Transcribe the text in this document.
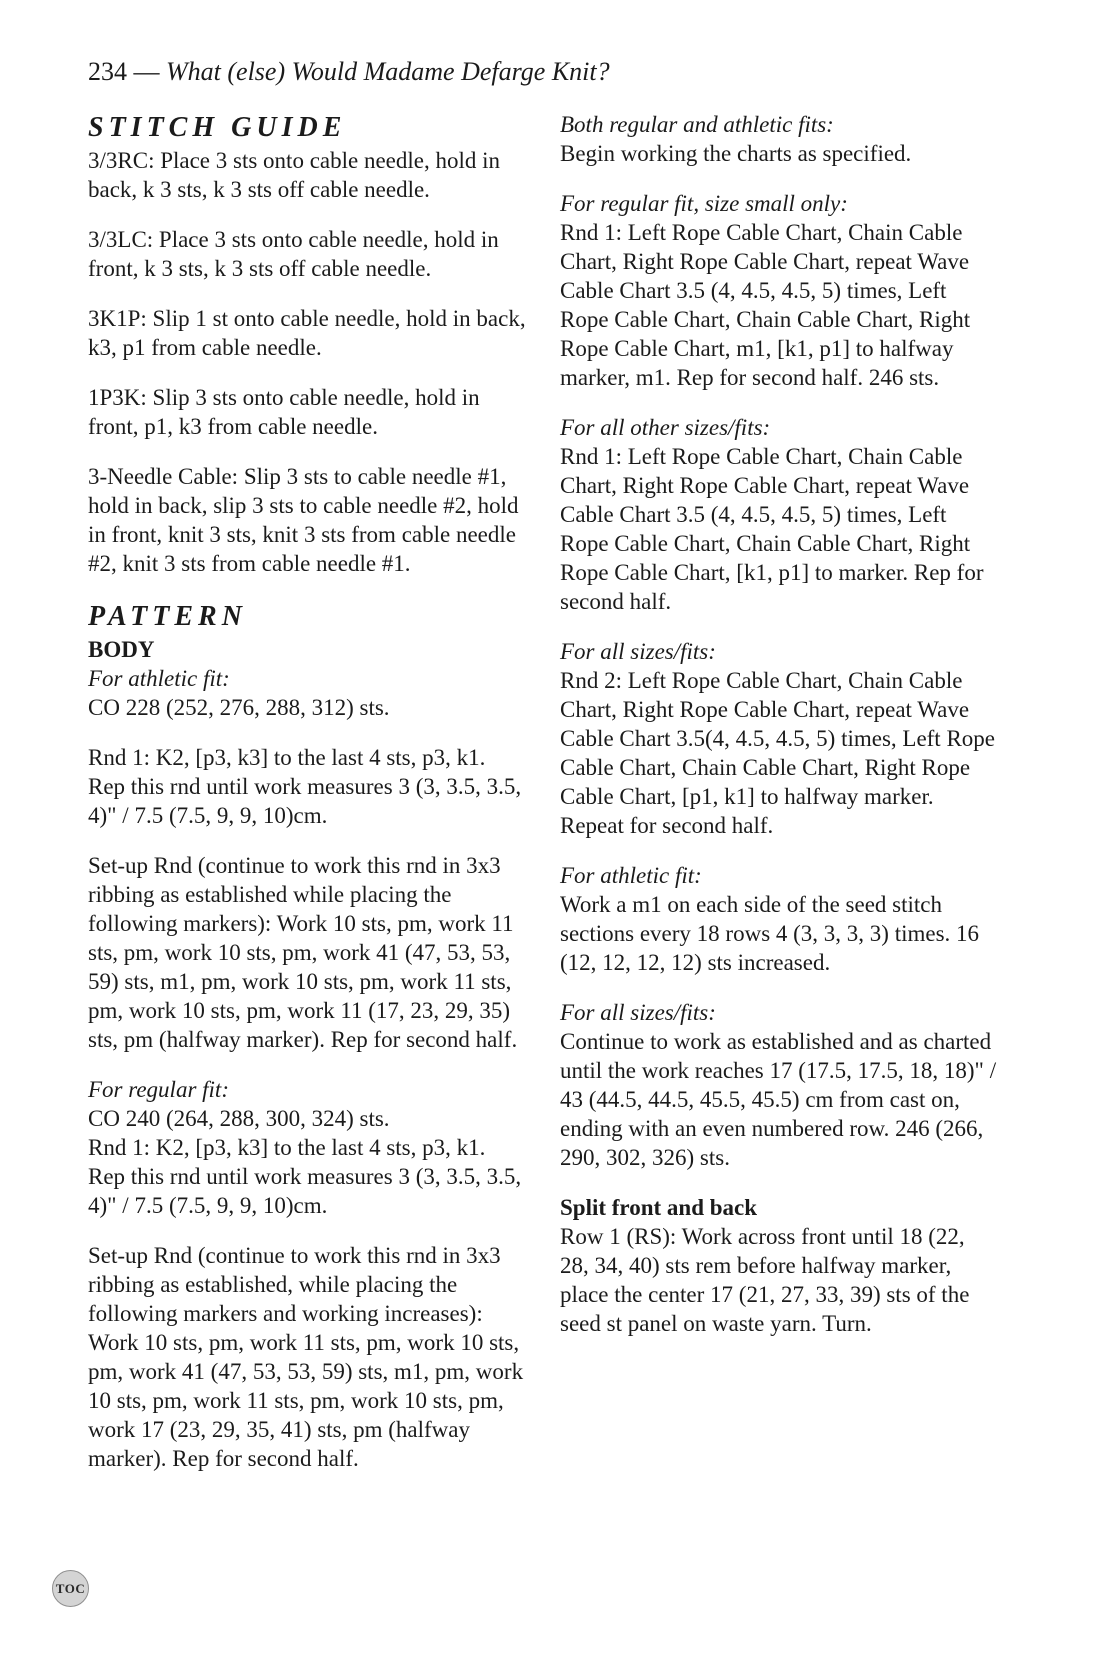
234 — What (else) Would Madame Defarge Knit?
STITCH GUIDE

3/3RC: Place 3 sts onto cable needle, hold in back, k 3 sts, k 3 sts off cable needle.

3/3LC: Place 3 sts onto cable needle, hold in front, k 3 sts, k 3 sts off cable needle.

3K1P: Slip 1 st onto cable needle, hold in back, k3, p1 from cable needle.

1P3K: Slip 3 sts onto cable needle, hold in front, p1, k3 from cable needle.

3-Needle Cable: Slip 3 sts to cable needle #1, hold in back, slip 3 sts to cable needle #2, hold in front, knit 3 sts, knit 3 sts from cable needle #2, knit 3 sts from cable needle #1.

PATTERN

BODY

For athletic fit:
CO 228 (252, 276, 288, 312) sts.

Rnd 1: K2, [p3, k3] to the last 4 sts, p3, k1. Rep this rnd until work measures 3 (3, 3.5, 3.5, 4)" / 7.5 (7.5, 9, 9, 10)cm.

Set-up Rnd (continue to work this rnd in 3x3 ribbing as established while placing the following markers): Work 10 sts, pm, work 11 sts, pm, work 10 sts, pm, work 41 (47, 53, 53, 59) sts, m1, pm, work 10 sts, pm, work 11 sts, pm, work 10 sts, pm, work 11 (17, 23, 29, 35) sts, pm (halfway marker). Rep for second half.

For regular fit:
CO 240 (264, 288, 300, 324) sts.
Rnd 1: K2, [p3, k3] to the last 4 sts, p3, k1. Rep this rnd until work measures 3 (3, 3.5, 3.5, 4)" / 7.5 (7.5, 9, 9, 10)cm.

Set-up Rnd (continue to work this rnd in 3x3 ribbing as established, while placing the following markers and working increases): Work 10 sts, pm, work 11 sts, pm, work 10 sts, pm, work 41 (47, 53, 53, 59) sts, m1, pm, work 10 sts, pm, work 11 sts, pm, work 10 sts, pm, work 17 (23, 29, 35, 41) sts, pm (halfway marker). Rep for second half.

Both regular and athletic fits:
Begin working the charts as specified.
For regular fit, size small only:
Rnd 1: Left Rope Cable Chart, Chain Cable Chart, Right Rope Cable Chart, repeat Wave Cable Chart 3.5 (4, 4.5, 4.5, 5) times, Left Rope Cable Chart, Chain Cable Chart, Right Rope Cable Chart, m1, [k1, p1] to halfway marker, m1. Rep for second half. 246 sts.
For all other sizes/fits:
Rnd 1: Left Rope Cable Chart, Chain Cable Chart, Right Rope Cable Chart, repeat Wave Cable Chart 3.5 (4, 4.5, 4.5, 5) times, Left Rope Cable Chart, Chain Cable Chart, Right Rope Cable Chart, [k1, p1] to marker. Rep for second half.
For all sizes/fits:
Rnd 2: Left Rope Cable Chart, Chain Cable Chart, Right Rope Cable Chart, repeat Wave Cable Chart 3.5(4, 4.5, 4.5, 5) times, Left Rope Cable Chart, Chain Cable Chart, Right Rope Cable Chart, [p1, k1] to halfway marker. Repeat for second half.
For athletic fit:
Work a m1 on each side of the seed stitch sections every 18 rows 4 (3, 3, 3, 3) times. 16 (12, 12, 12, 12) sts increased.
For all sizes/fits:
Continue to work as established and as charted until the work reaches 17 (17.5, 17.5, 18, 18)" / 43 (44.5, 44.5, 45.5, 45.5) cm from cast on, ending with an even numbered row. 246 (266, 290, 302, 326) sts.
Split front and back
Row 1 (RS): Work across front until 18 (22, 28, 34, 40) sts rem before halfway marker, place the center 17 (21, 27, 33, 39) sts of the seed st panel on waste yarn. Turn.
TOC
